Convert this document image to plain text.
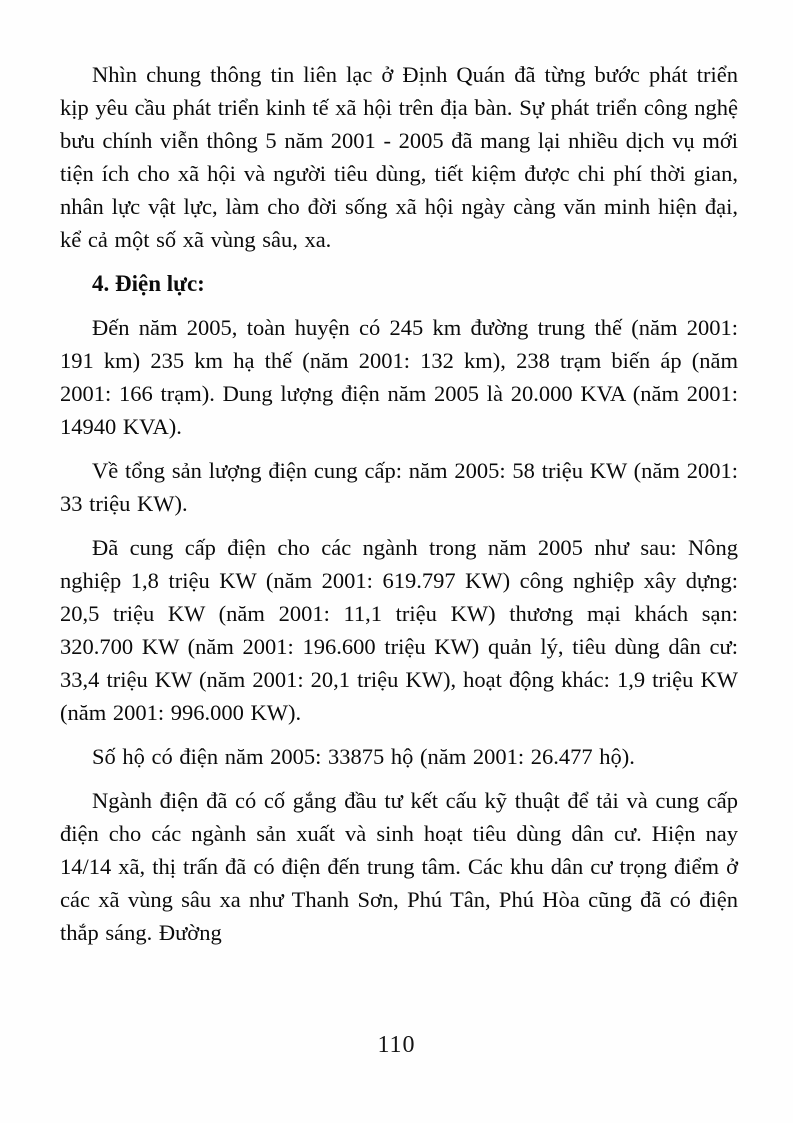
Nhìn chung thông tin liên lạc ở Định Quán đã từng bước phát triển kịp yêu cầu phát triển kinh tế xã hội trên địa bàn. Sự phát triển công nghệ bưu chính viễn thông 5 năm 2001 - 2005 đã mang lại nhiều dịch vụ mới tiện ích cho xã hội và người tiêu dùng, tiết kiệm được chi phí thời gian, nhân lực vật lực, làm cho đời sống xã hội ngày càng văn minh hiện đại, kể cả một số xã vùng sâu, xa.

4. Điện lực:

Đến năm 2005, toàn huyện có 245 km đường trung thế (năm 2001: 191 km) 235 km hạ thế (năm 2001: 132 km), 238 trạm biến áp (năm 2001: 166 trạm). Dung lượng điện năm 2005 là 20.000 KVA (năm 2001: 14940 KVA).

Về tổng sản lượng điện cung cấp: năm 2005: 58 triệu KW (năm 2001: 33 triệu KW).

Đã cung cấp điện cho các ngành trong năm 2005 như sau: Nông nghiệp 1,8 triệu KW (năm 2001: 619.797 KW) công nghiệp xây dựng: 20,5 triệu KW (năm 2001: 11,1 triệu KW) thương mại khách sạn: 320.700 KW (năm 2001: 196.600 triệu KW) quản lý, tiêu dùng dân cư: 33,4 triệu KW (năm 2001: 20,1 triệu KW), hoạt động khác: 1,9 triệu KW (năm 2001: 996.000 KW).

Số hộ có điện năm 2005: 33875 hộ (năm 2001: 26.477 hộ).

Ngành điện đã có cố gắng đầu tư kết cấu kỹ thuật để tải và cung cấp điện cho các ngành sản xuất và sinh hoạt tiêu dùng dân cư. Hiện nay 14/14 xã, thị trấn đã có điện đến trung tâm. Các khu dân cư trọng điểm ở các xã vùng sâu xa như Thanh Sơn, Phú Tân, Phú Hòa cũng đã có điện thắp sáng. Đường

110
